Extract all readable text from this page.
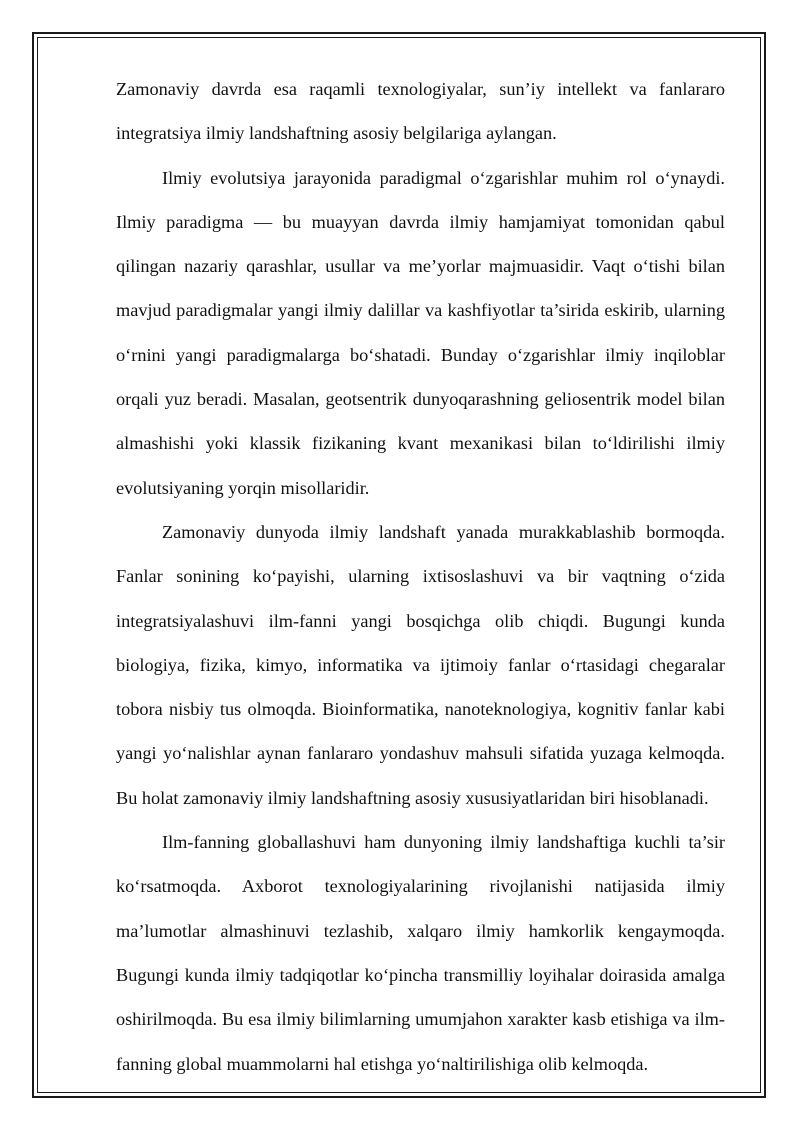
Zamonaviy davrda esa raqamli texnologiyalar, sun’iy intellekt va fanlararo integratsiya ilmiy landshaftning asosiy belgilariga aylangan.

Ilmiy evolutsiya jarayonida paradigmal o‘zgarishlar muhim rol o‘ynaydi. Ilmiy paradigma — bu muayyan davrda ilmiy hamjamiyat tomonidan qabul qilingan nazariy qarashlar, usullar va me’yorlar majmuasidir. Vaqt o‘tishi bilan mavjud paradigmalar yangi ilmiy dalillar va kashfiyotlar ta’sirida eskirib, ularning o‘rnini yangi paradigmalarga bo‘shatadi. Bunday o‘zgarishlar ilmiy inqiloblar orqali yuz beradi. Masalan, geotsentrik dunyoqarashning geliosentrik model bilan almashishi yoki klassik fizikaning kvant mexanikasi bilan to‘ldirilishi ilmiy evolutsiyaning yorqin misollaridir.

Zamonaviy dunyoda ilmiy landshaft yanada murakkablashib bormoqda. Fanlar sonining ko‘payishi, ularning ixtisoslashuvi va bir vaqtning o‘zida integratsiyalashuvi ilm-fanni yangi bosqichga olib chiqdi. Bugungi kunda biologiya, fizika, kimyo, informatika va ijtimoiy fanlar o‘rtasidagi chegaralar tobora nisbiy tus olmoqda. Bioinformatika, nanoteknologiya, kognitiv fanlar kabi yangi yo‘nalishlar aynan fanlararo yondashuv mahsuli sifatida yuzaga kelmoqda. Bu holat zamonaviy ilmiy landshaftning asosiy xususiyatlaridan biri hisoblanadi.

Ilm-fanning globallashuvi ham dunyoning ilmiy landshaftiga kuchli ta’sir ko‘rsatmoqda. Axborot texnologiyalarining rivojlanishi natijasida ilmiy ma’lumotlar almashinuvi tezlashib, xalqaro ilmiy hamkorlik kengaymoqda. Bugungi kunda ilmiy tadqiqotlar ko‘pincha transmilliy loyihalar doirasida amalga oshirilmoqda. Bu esa ilmiy bilimlarning umumjahon xarakter kasb etishiga va ilm-fanning global muammolarni hal etishga yo‘naltirilishiga olib kelmoqda.
